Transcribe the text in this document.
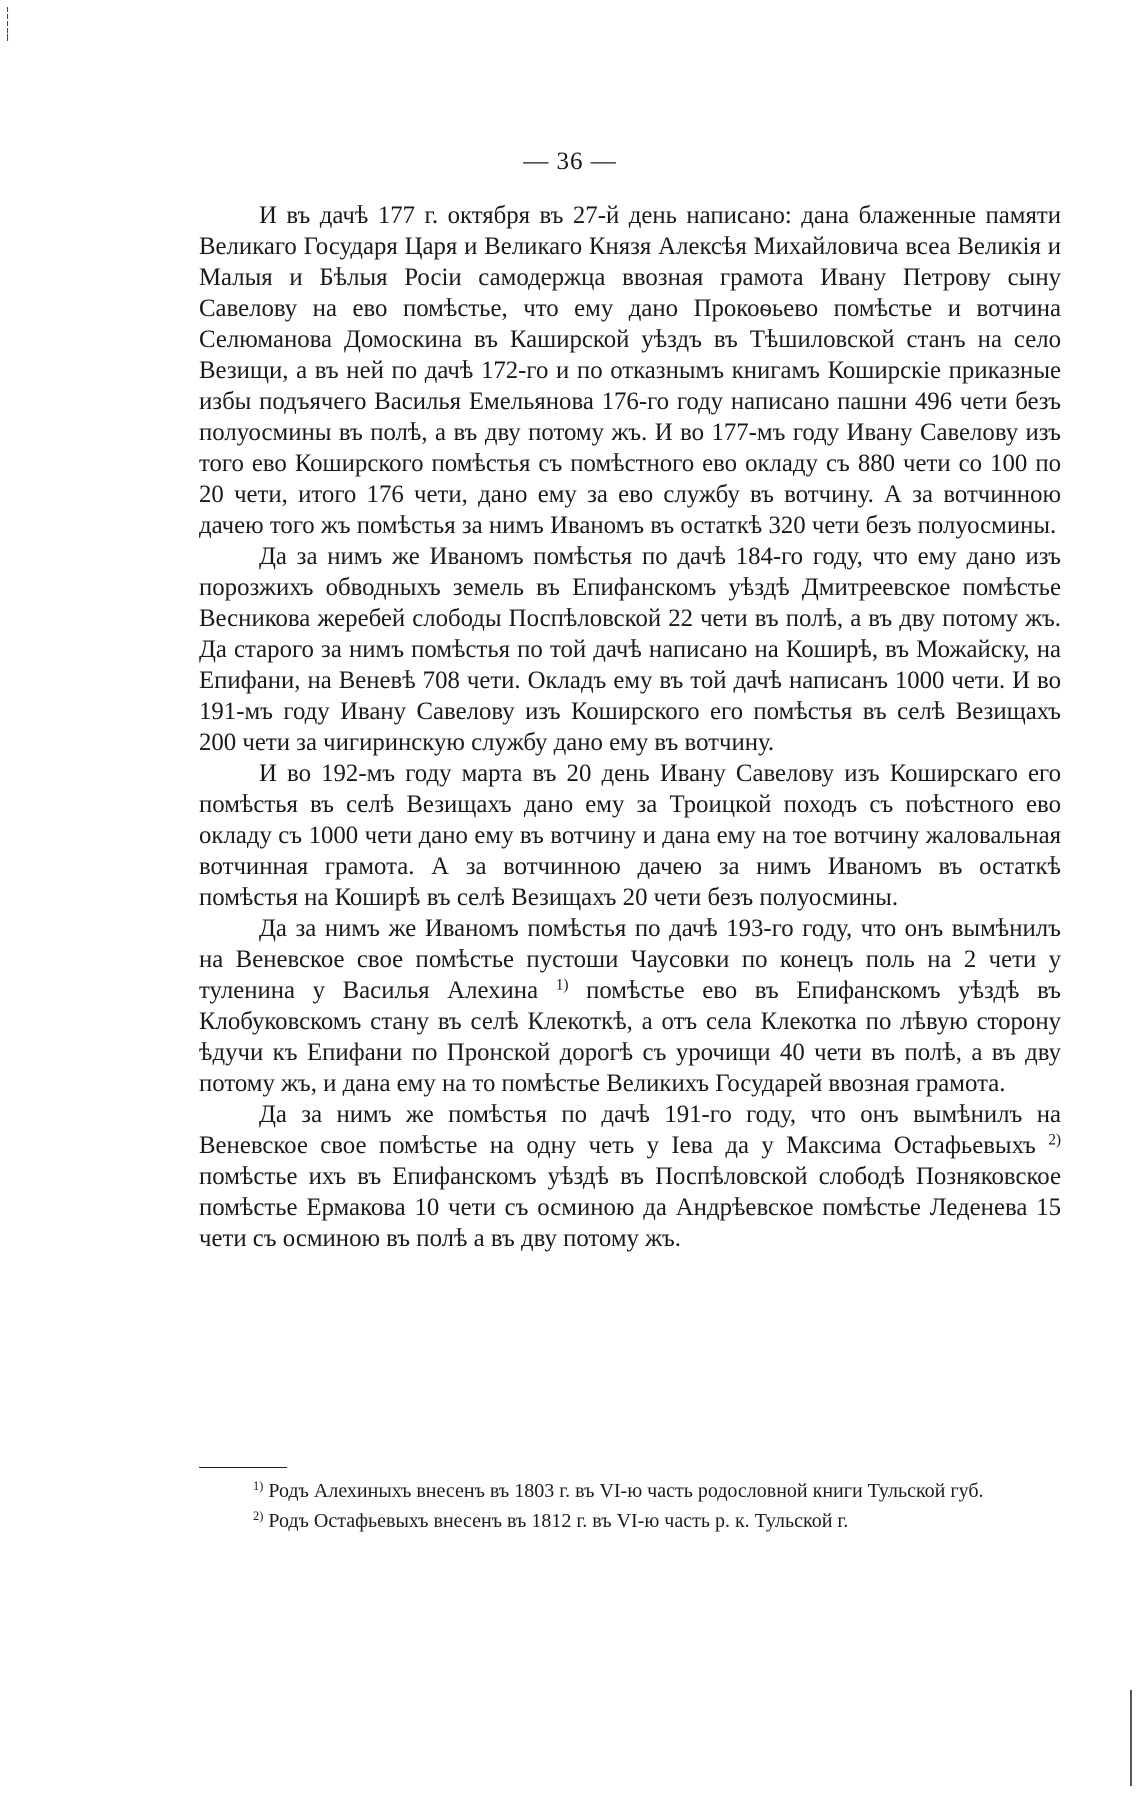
╎
╎
╵
— 36 —

И въ дачѣ 177 г. октября въ 27-й день написано: дана блаженные памяти Великаго Государя Царя и Великаго Князя Алексѣя Михайловича всеа Великія и Малыя и Бѣлыя Росіи самодержца ввозная грамота Ивану Петрову сыну Савелову на ево помѣстье, что ему дано Прокоѳьево помѣстье и вотчина Селюманова Домоскина въ Каширской уѣздъ въ Тѣшиловской станъ на село Везищи, а въ ней по дачѣ 172-го и по отказнымъ книгамъ Коширскіе приказные избы подъячего Василья Емельянова 176-го году написано пашни 496 чети безъ полуосмины въ полѣ, а въ дву потому жъ. И во 177-мъ году Ивану Савелову изъ того ево Коширского помѣстья съ помѣстного ево окладу съ 880 чети со 100 по 20 чети, итого 176 чети, дано ему за ево службу въ вотчину. А за вотчинною дачею того жъ помѣстья за нимъ Иваномъ въ остаткѣ 320 чети безъ полуосмины.

Да за нимъ же Иваномъ помѣстья по дачѣ 184-го году, что ему дано изъ порозжихъ обводныхъ земель въ Епифанскомъ уѣздѣ Дмитреевское помѣстье Весникова жеребей слободы Поспѣловской 22 чети въ полѣ, а въ дву потому жъ. Да старого за нимъ помѣстья по той дачѣ написано на Коширѣ, въ Можайску, на Епифани, на Веневѣ 708 чети. Окладъ ему въ той дачѣ написанъ 1000 чети. И во 191-мъ году Ивану Савелову изъ Коширского его помѣстья въ селѣ Везищахъ 200 чети за чигиринскую службу дано ему въ вотчину.

И во 192-мъ году марта въ 20 день Ивану Савелову изъ Коширскаго его помѣстья въ селѣ Везищахъ дано ему за Троицкой походъ съ поѣстного ево окладу съ 1000 чети дано ему въ вотчину и дана ему на тое вотчину жаловальная вотчинная грамота. А за вотчинною дачею за нимъ Иваномъ въ остаткѣ помѣстья на Коширѣ въ селѣ Везищахъ 20 чети безъ полуосмины.

Да за нимъ же Иваномъ помѣстья по дачѣ 193-го году, что онъ вымѣнилъ на Веневское свое помѣстье пустоши Чаусовки по конецъ поль на 2 чети у туленина у Василья Алехина $^{1)}$ помѣстье ево въ Епифанскомъ уѣздѣ въ Клобуковскомъ стану въ селѣ Клекоткѣ, а отъ села Клекотка по лѣвую сторону ѣдучи къ Епифани по Пронской дорогѣ съ урочищи 40 чети въ полѣ, а въ дву потому жъ, и дана ему на то помѣстье Великихъ Государей ввозная грамота.

Да за нимъ же помѣстья по дачѣ 191-го году, что онъ вымѣнилъ на Веневское свое помѣстье на одну четь у Іева да у Максима Остафьевыхъ $^{2)}$ помѣстье ихъ въ Епифанскомъ уѣздѣ въ Поспѣловской слободѣ Позняковское помѣстье Ермакова 10 чети съ осминою да Андрѣевское помѣстье Леденева 15 чети съ осминою въ полѣ а въ дву потому жъ.

$^{1)}$ Родъ Алехиныхъ внесенъ въ 1803 г. въ VI-ю часть родословной книги Тульской губ.

$^{2)}$ Родъ Остафьевыхъ внесенъ въ 1812 г. въ VI-ю часть р. к. Тульской г.
